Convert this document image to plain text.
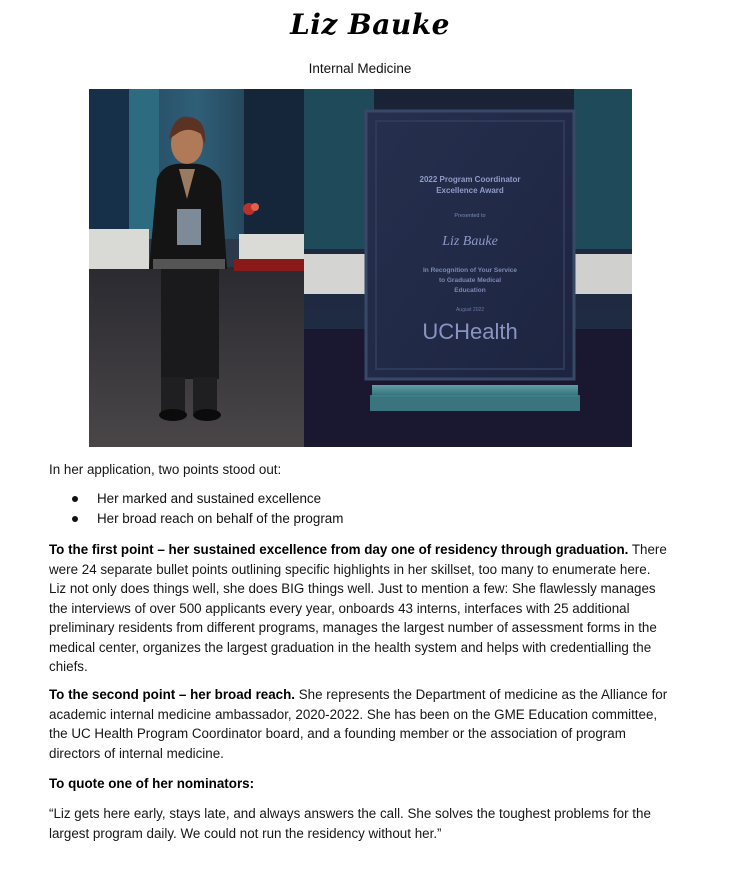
Liz Bauke
Internal Medicine
2022 Program Coordinator
Excellence Award
Presented to
Liz Bauke
In Recognition of Your Service
to Graduate Medical
Education
August 2022
UCHealth
In her application, two points stood out:
Her marked and sustained excellence
Her broad reach on behalf of the program
To the first point – her sustained excellence from day one of residency through graduation. There
were 24 separate bullet points outlining specific highlights in her skillset, too many to enumerate here.
Liz not only does things well, she does BIG things well. Just to mention a few: She flawlessly manages
the interviews of over 500 applicants every year, onboards 43 interns, interfaces with 25 additional
preliminary residents from different programs, manages the largest number of assessment forms in the
medical center, organizes the largest graduation in the health system and helps with credentialling the
chiefs.
To the second point – her broad reach. She represents the Department of medicine as the Alliance for
academic internal medicine ambassador, 2020-2022. She has been on the GME Education committee,
the UC Health Program Coordinator board, and a founding member or the association of program
directors of internal medicine.
To quote one of her nominators:
“Liz gets here early, stays late, and always answers the call. She solves the toughest problems for the
largest program daily. We could not run the residency without her.”
